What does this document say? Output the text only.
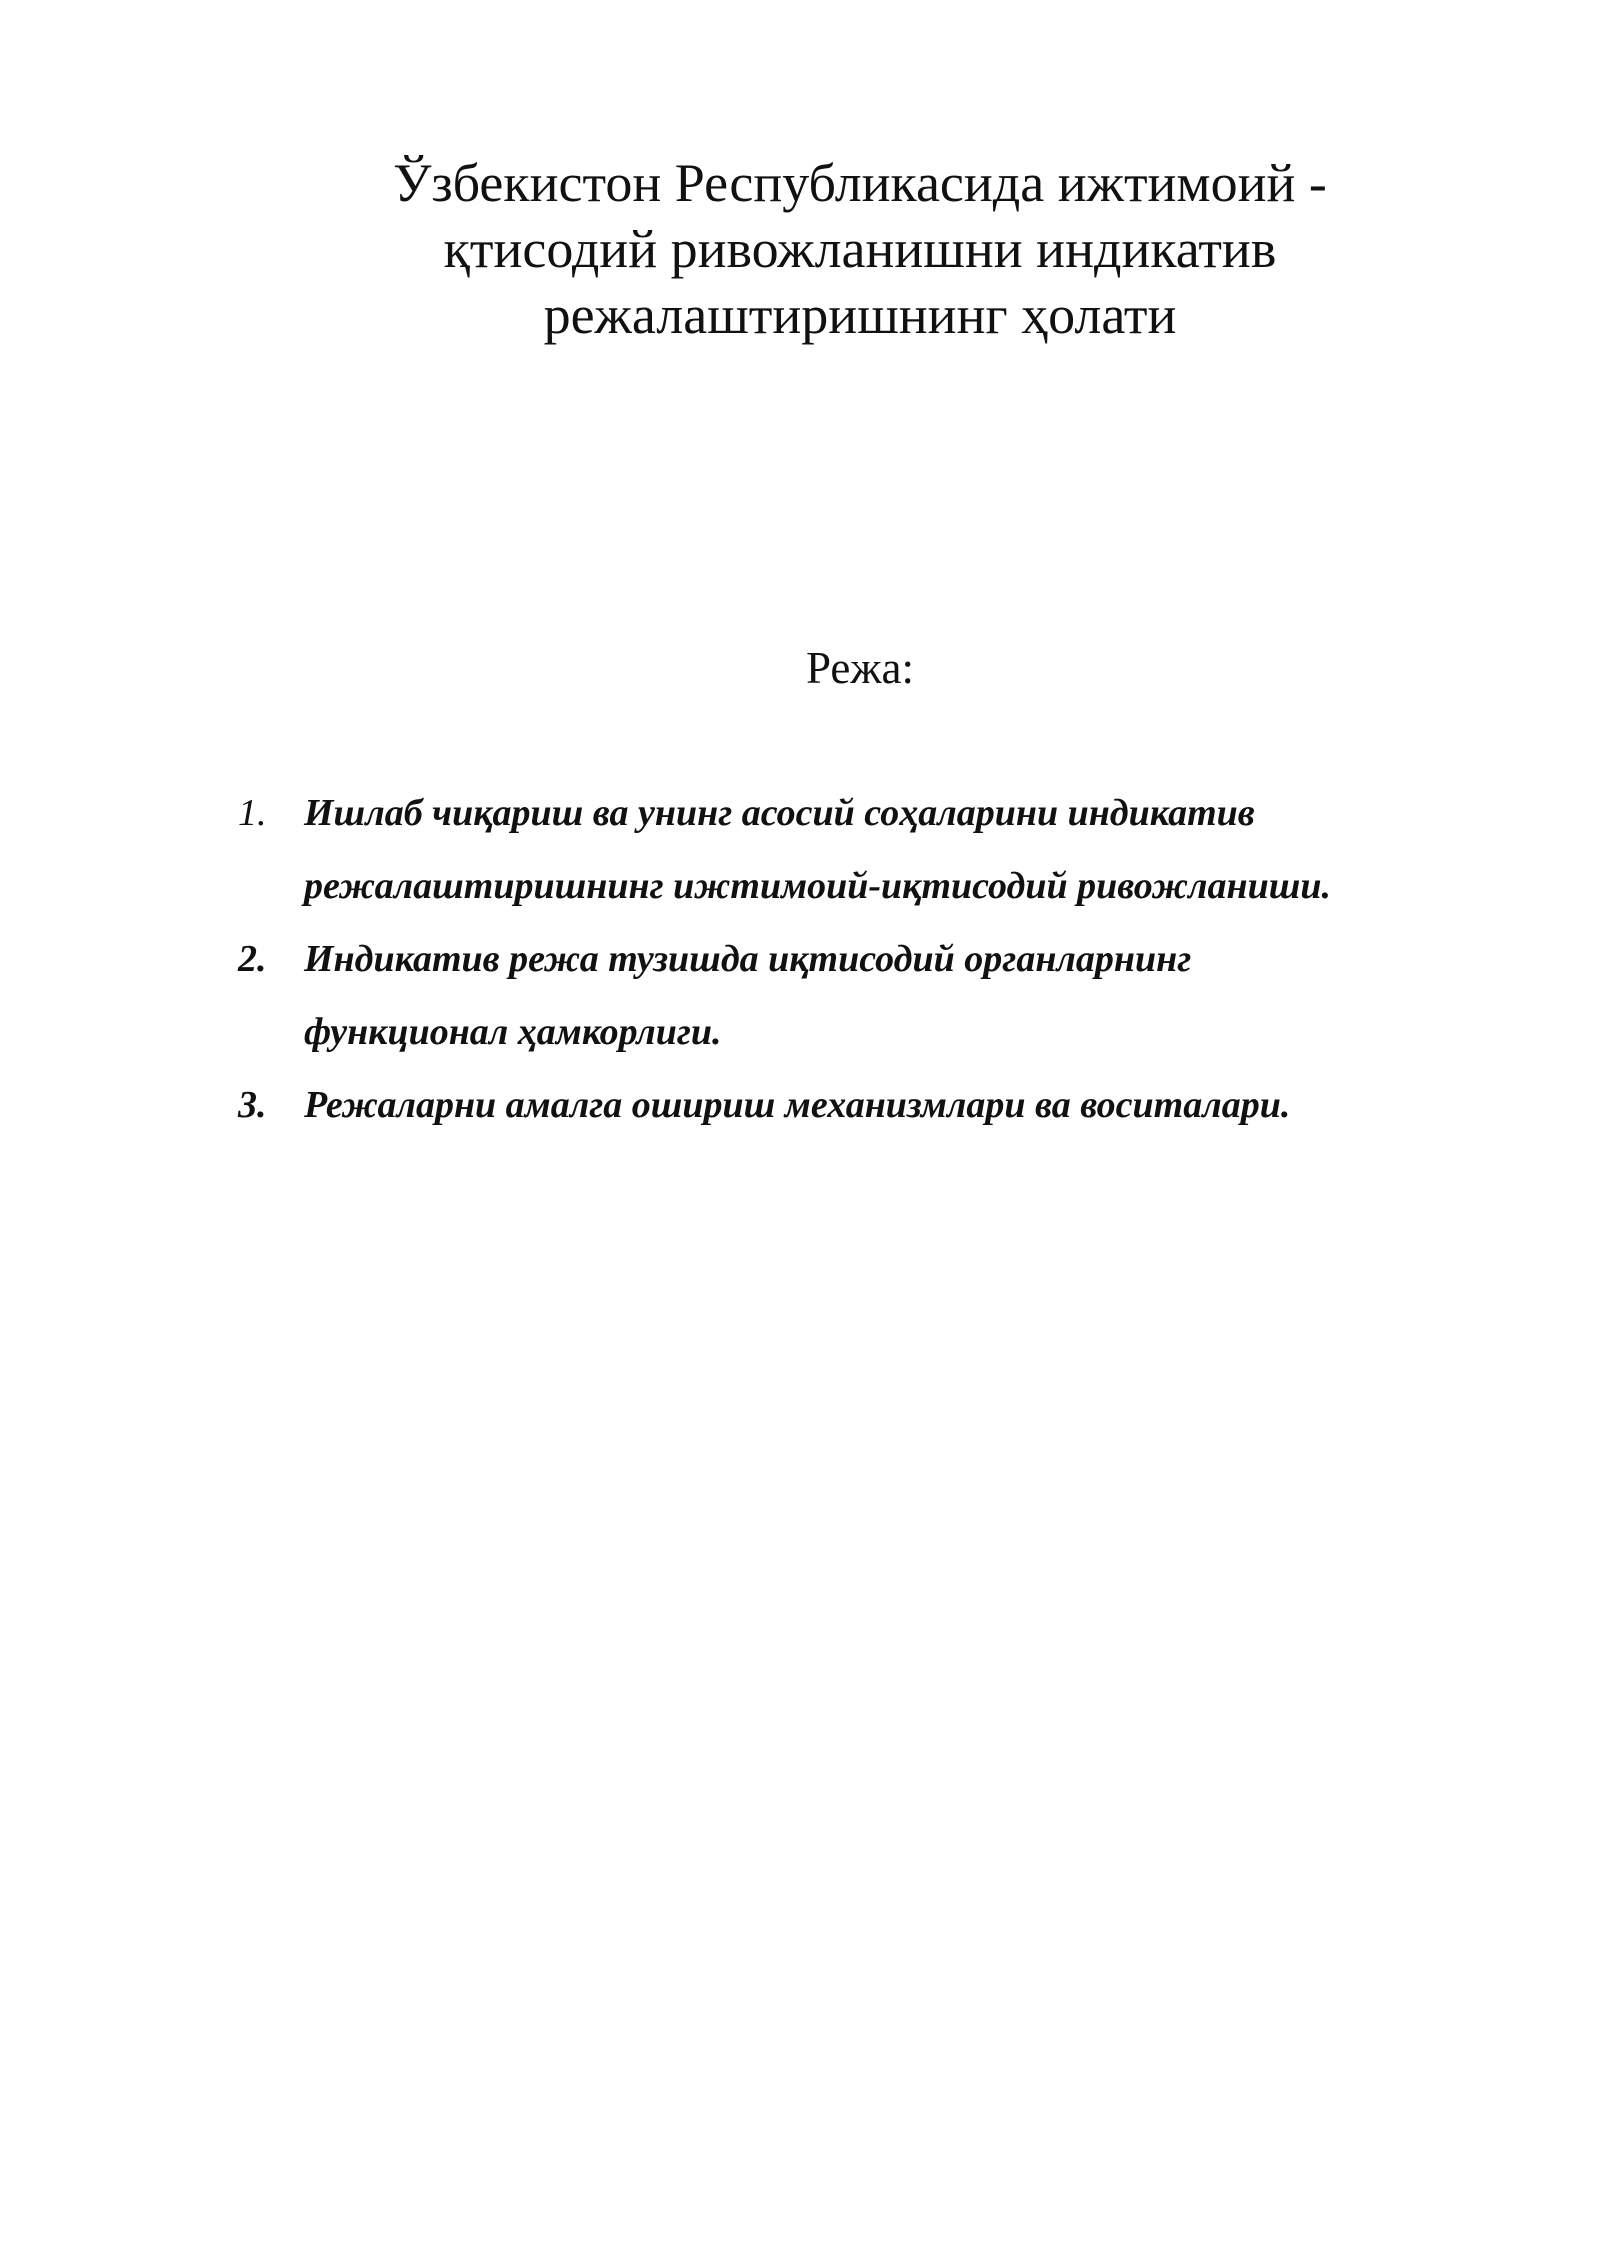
Ўзбекистон Республикасида ижтимоий -
қтисодий ривожланишни индикатив
режалаштиришнинг ҳолати
Режа:
1. Ишлаб чиқариш ва унинг асосий соҳаларини индикатив
режалаштиришнинг ижтимоий-иқтисодий ривожланиши.
2. Индикатив режа тузишда иқтисодий органларнинг
функционал ҳамкорлиги.
3. Режаларни амалга ошириш механизмлари ва воситалари.
